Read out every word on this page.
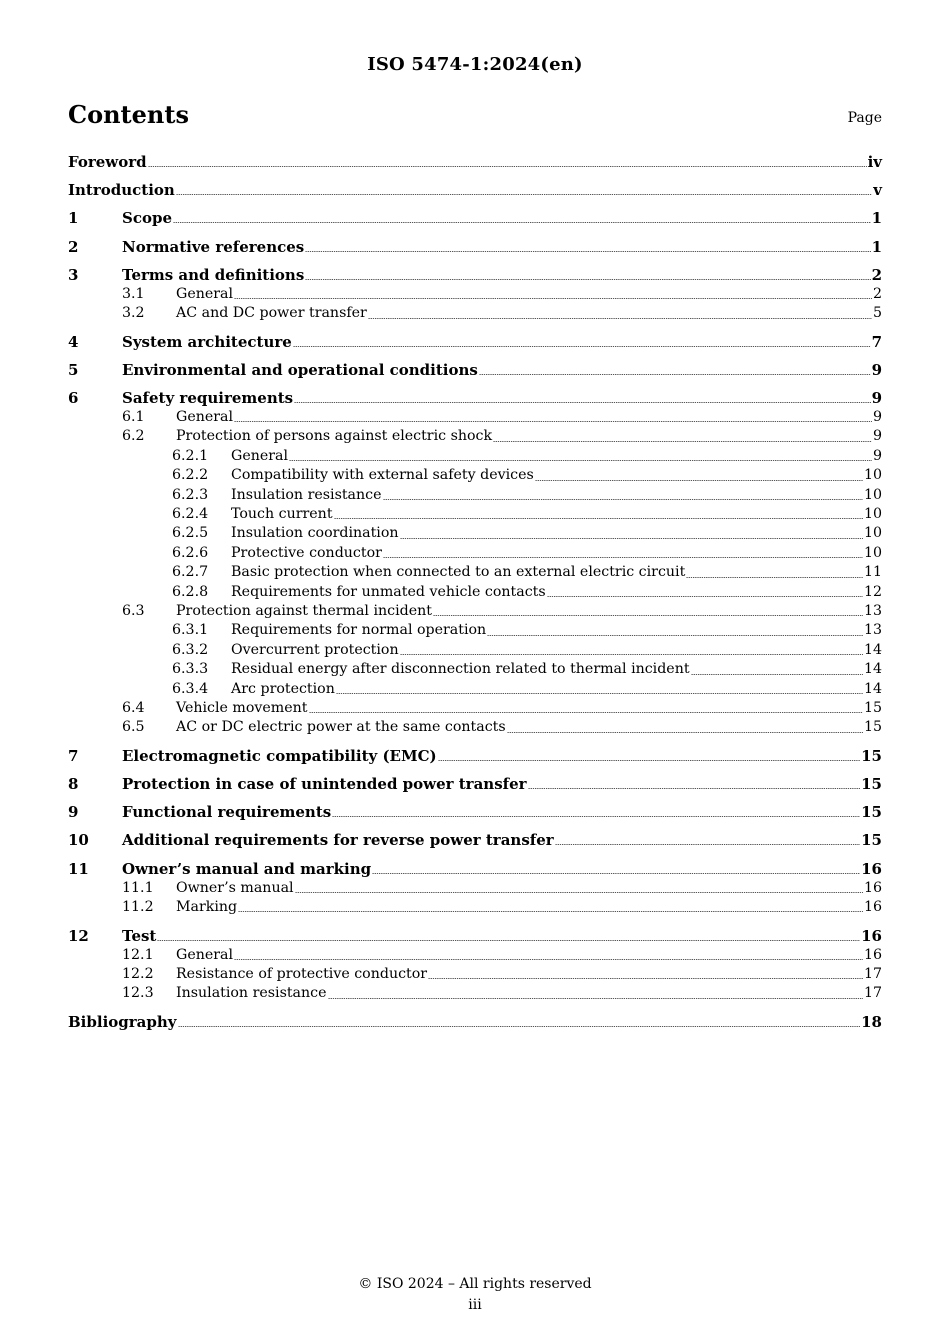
ISO 5474-1:2024(en)
Contents	Page
Foreword	iv
Introduction	v
1	Scope	1
2	Normative references	1
3	Terms and definitions	2
3.1	General	2
3.2	AC and DC power transfer	5
4	System architecture	7
5	Environmental and operational conditions	9
6	Safety requirements	9
6.1	General	9
6.2	Protection of persons against electric shock	9
6.2.1	General	9
6.2.2	Compatibility with external safety devices	10
6.2.3	Insulation resistance	10
6.2.4	Touch current	10
6.2.5	Insulation coordination	10
6.2.6	Protective conductor	10
6.2.7	Basic protection when connected to an external electric circuit	11
6.2.8	Requirements for unmated vehicle contacts	12
6.3	Protection against thermal incident	13
6.3.1	Requirements for normal operation	13
6.3.2	Overcurrent protection	14
6.3.3	Residual energy after disconnection related to thermal incident	14
6.3.4	Arc protection	14
6.4	Vehicle movement	15
6.5	AC or DC electric power at the same contacts	15
7	Electromagnetic compatibility (EMC)	15
8	Protection in case of unintended power transfer	15
9	Functional requirements	15
10	Additional requirements for reverse power transfer	15
11	Owner’s manual and marking	16
11.1	Owner’s manual	16
11.2	Marking	16
12	Test	16
12.1	General	16
12.2	Resistance of protective conductor	17
12.3	Insulation resistance	17
Bibliography	18
© ISO 2024 – All rights reserved
iii
